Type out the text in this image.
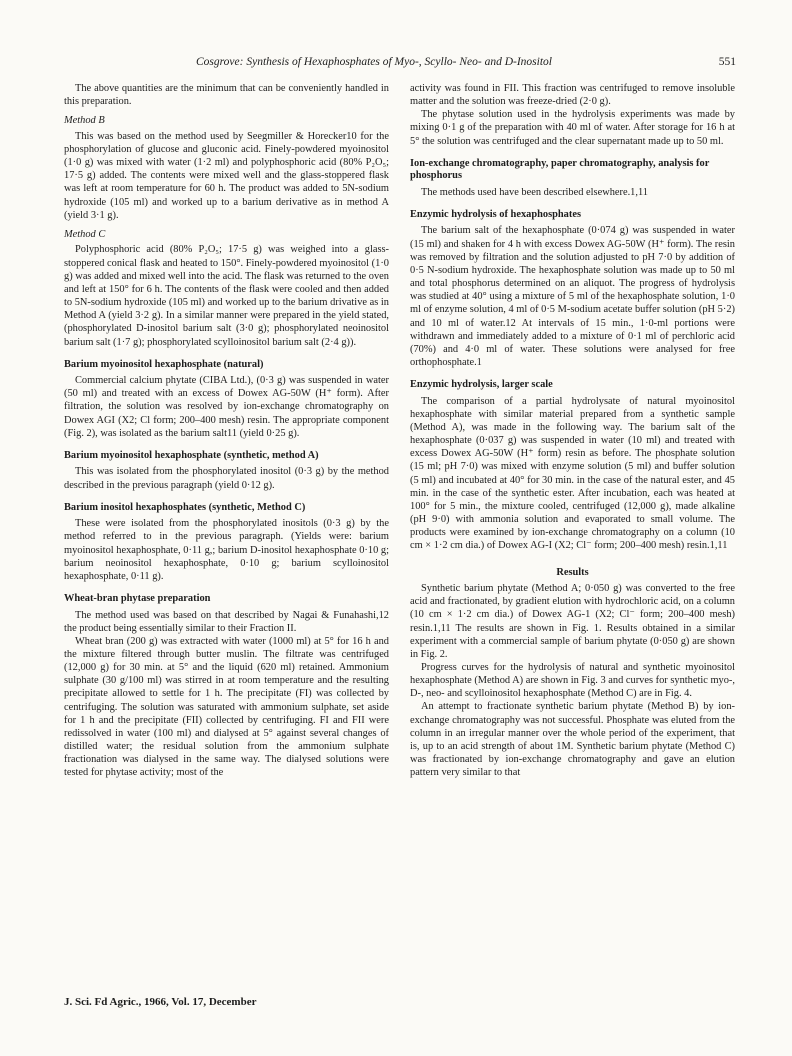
Cosgrove: Synthesis of Hexaphosphates of Myo-, Scyllo- Neo- and D-Inositol	551

The above quantities are the minimum that can be conveniently handled in this preparation.

Method B

This was based on the method used by Seegmiller & Horecker10 for the phosphorylation of glucose and gluconic acid. Finely-powdered myoinositol (1·0 g) was mixed with water (1·2 ml) and polyphosphoric acid (80% P₂O₅; 17·5 g) added. The contents were mixed well and the glass-stoppered flask was left at room temperature for 60 h. The product was added to 5N-sodium hydroxide (105 ml) and worked up to a barium derivative as in method A (yield 3·1 g).

Method C

Polyphosphoric acid (80% P₂O₅; 17·5 g) was weighed into a glass-stoppered conical flask and heated to 150°. Finely-powdered myoinositol (1·0 g) was added and mixed well into the acid. The flask was returned to the oven and left at 150° for 6 h. The contents of the flask were cooled and then added to 5N-sodium hydroxide (105 ml) and worked up to the barium drivative as in Method A (yield 3·2 g). In a similar manner were prepared in the yield stated, (phosphorylated D-inositol barium salt (3·0 g); phosphorylated neoinositol barium salt (1·7 g); phosphorylated scylloinositol barium salt (2·4 g)).

Barium myoinositol hexaphosphate (natural)

Commercial calcium phytate (CIBA Ltd.), (0·3 g) was suspended in water (50 ml) and treated with an excess of Dowex AG-50W (H⁺ form). After filtration, the solution was resolved by ion-exchange chromatography on Dowex AGI (X2; Cl form; 200–400 mesh) resin. The appropriate component (Fig. 2), was isolated as the barium salt11 (yield 0·25 g).

Barium myoinositol hexaphosphate (synthetic, method A)

This was isolated from the phosphorylated inositol (0·3 g) by the method described in the previous paragraph (yield 0·12 g).

Barium inositol hexaphosphates (synthetic, Method C)

These were isolated from the phosphorylated inositols (0·3 g) by the method referred to in the previous paragraph. (Yields were: barium myoinositol hexaphosphate, 0·11 g,; barium D-inositol hexaphosphate 0·10 g; barium neoinositol hexaphosphate, 0·10 g; barium scylloinositol hexaphosphate, 0·11 g).

Wheat-bran phytase preparation

The method used was based on that described by Nagai & Funahashi,12 the product being essentially similar to their Fraction II.

Wheat bran (200 g) was extracted with water (1000 ml) at 5° for 16 h and the mixture filtered through butter muslin. The filtrate was centrifuged (12,000 g) for 30 min. at 5° and the liquid (620 ml) retained. Ammonium sulphate (30 g/100 ml) was stirred in at room temperature and the resulting precipitate allowed to settle for 1 h. The precipitate (FI) was collected by centrifuging. The solution was saturated with ammonium sulphate, set aside for 1 h and the precipitate (FII) collected by centrifuging. FI and FII were redissolved in water (100 ml) and dialysed at 5° against several changes of distilled water; the residual solution from the ammonium sulphate fractionation was dialysed in the same way. The dialysed solutions were tested for phytase activity; most of the

activity was found in FII. This fraction was centrifuged to remove insoluble matter and the solution was freeze-dried (2·0 g).

The phytase solution used in the hydrolysis experiments was made by mixing 0·1 g of the preparation with 40 ml of water. After storage for 16 h at 5° the solution was centrifuged and the clear supernatant made up to 50 ml.

Ion-exchange chromatography, paper chromatography, analysis for phosphorus

The methods used have been described elsewhere.1,11

Enzymic hydrolysis of hexaphosphates

The barium salt of the hexaphosphate (0·074 g) was suspended in water (15 ml) and shaken for 4 h with excess Dowex AG-50W (H⁺ form). The resin was removed by filtration and the solution adjusted to pH 7·0 by addition of 0·5 N-sodium hydroxide. The hexaphosphate solution was made up to 50 ml and total phosphorus determined on an aliquot. The progress of hydrolysis was studied at 40° using a mixture of 5 ml of the hexaphosphate solution, 1·0 ml of enzyme solution, 4 ml of 0·5 M-sodium acetate buffer solution (pH 5·2) and 10 ml of water.12 At intervals of 15 min., 1·0-ml portions were withdrawn and immediately added to a mixture of 0·1 ml of perchloric acid (70%) and 4·0 ml of water. These solutions were analysed for free orthophosphate.1

Enzymic hydrolysis, larger scale

The comparison of a partial hydrolysate of natural myoinositol hexaphosphate with similar material prepared from a synthetic sample (Method A), was made in the following way. The barium salt of the hexaphosphate (0·037 g) was suspended in water (10 ml) and treated with excess Dowex AG-50W (H⁺ form) resin as before. The phosphate solution (15 ml; pH 7·0) was mixed with enzyme solution (5 ml) and buffer solution (5 ml) and incubated at 40° for 30 min. in the case of the natural ester, and 45 min. in the case of the synthetic ester. After incubation, each was heated at 100° for 5 min., the mixture cooled, centrifuged (12,000 g), made alkaline (pH 9·0) with ammonia solution and evaporated to small volume. The products were examined by ion-exchange chromatography on a column (10 cm × 1·2 cm dia.) of Dowex AG-I (X2; Cl⁻ form; 200–400 mesh) resin.1,11

Results

Synthetic barium phytate (Method A; 0·050 g) was converted to the free acid and fractionated, by gradient elution with hydrochloric acid, on a column (10 cm × 1·2 cm dia.) of Dowex AG-1 (X2; Cl⁻ form; 200–400 mesh) resin.1,11 The results are shown in Fig. 1. Results obtained in a similar experiment with a commercial sample of barium phytate (0·050 g) are shown in Fig. 2.

Progress curves for the hydrolysis of natural and synthetic myoinositol hexaphosphate (Method A) are shown in Fig. 3 and curves for synthetic myo-, D-, neo- and scylloinositol hexaphosphate (Method C) are in Fig. 4.

An attempt to fractionate synthetic barium phytate (Method B) by ion-exchange chromatography was not successful. Phosphate was eluted from the column in an irregular manner over the whole period of the experiment, that is, up to an acid strength of about 1M. Synthetic barium phytate (Method C) was fractionated by ion-exchange chromatography and gave an elution pattern very similar to that

J. Sci. Fd Agric., 1966, Vol. 17, December
